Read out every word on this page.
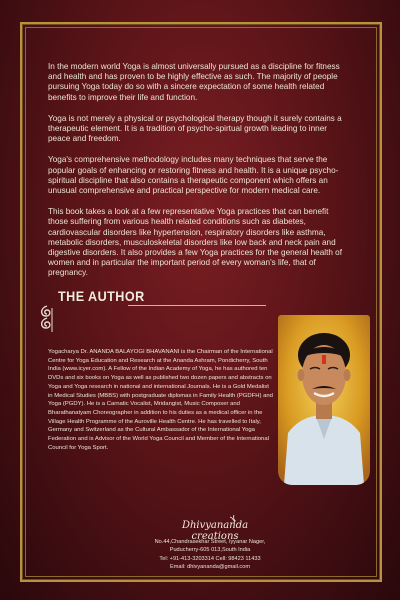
In the modern world Yoga is almost universally pursued as a discipline for fitness and health and has proven to be highly effective as such. The majority of people pursuing Yoga today do so with a sincere expectation of some health related benefits to improve their life and function.

Yoga is not merely a physical or psychological therapy though it surely contains a therapeutic element. It is a tradition of psycho-spirtual growth leading to inner peace and freedom.

Yoga's comprehensive methodology includes many techniques that serve the popular goals of enhancing or restoring fitness and health. It is a unique psycho-spiritual discipline that also contains a therapeutic component which offers an unusual comprehensive and practical perspective for modern medical care.

This book takes a look at a few representative Yoga practices that can benefit those suffering from various health related conditions such as diabetes, cardiovascular disorders like hypertension, respiratory disorders like asthma, metabolic disorders, musculoskeletal disorders like low back and neck pain and digestive disorders. It also provides a few Yoga practices for the general health of women and in particular the important period of every woman's life, that of pregnancy.

THE AUTHOR

Yogacharya Dr. ANANDA BALAYOGI BHAVANANI is the Chairman of the International Centre for Yoga Education and Research at the Ananda Ashram, Pondicherry, South India (www.icyer.com). A Fellow of the Indian Academy of Yoga, he has authored ten DVDs and six books on Yoga as well as published two dozen papers and abstracts on Yoga and Yoga research in national and international Journals. He is a Gold Medalist in Medical Studies (MBBS) with postgraduate diplomas in Family Health (PGDFH) and Yoga (PGDY). He is a Carnatic Vocalist, Mridangist, Music Composer and Bharathanatyam Choreographer in addition to his duties as a medical officer in the Village Health Programme of the Auroville Health Centre. He has travelled to Italy, Germany and Switzerland as the Cultural Ambassador of the International Yoga Federation and is Advisor of the World Yoga Council and Member of the International Council for Yoga Sport.

Dhivyananda creations
No.44,Chandrasekhar Street, Iyyanar Nager,
Puducherry-605 013,South India
Tel: +91-413-3203314 Cell: 98423 11433
Email: dhivyananda@gmail.com
